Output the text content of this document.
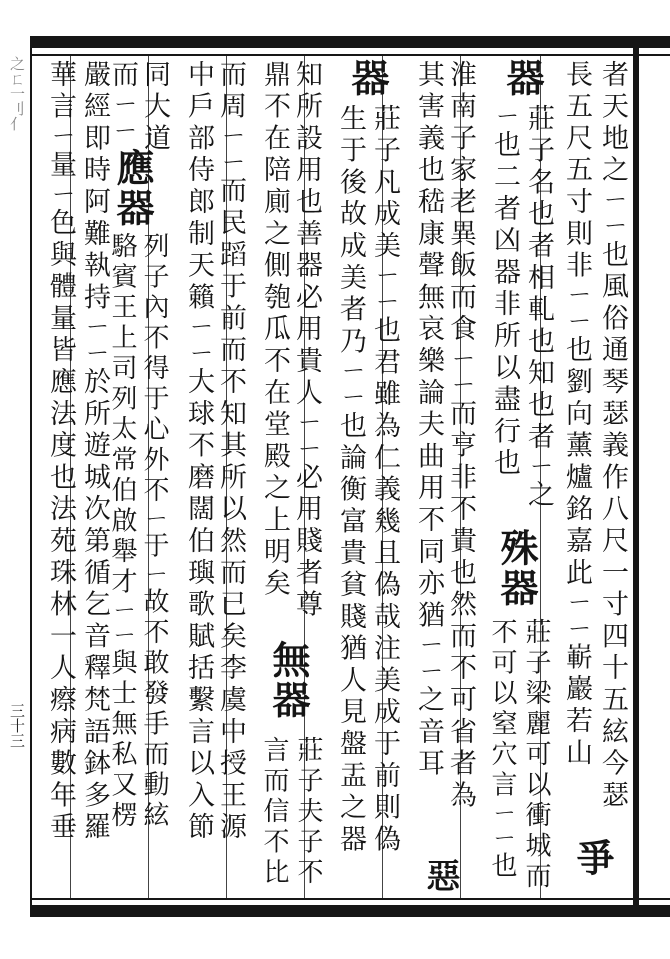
之ㄈ一刂亻
三十三	者天地之ㄧㄧ也風俗通琴瑟義作八尺一寸四十五絃今瑟
長五尺五寸則非ㄧㄧ也劉向薰爐銘嘉此ㄧㄧ嶄巖若山
器
莊子名也者相軋也知也者ㄧ之
ㄧ也二者凶器非所以盡行也
殊器
莊子梁麗可以衝城而
不可以窒穴言ㄧㄧ也
淮南子家老異飯而食ㄧㄧ而亨非不貴也然而不可省者為
其害義也嵇康聲無哀樂論夫曲用不同亦猶ㄧㄧ之音耳
器
莊子凡成美ㄧㄧ也君雖為仁義幾且偽哉注美成于前則偽
生于後故成美者乃ㄧㄧ也論衡富貴貧賤猶人見盤盂之器
知所設用也善器必用貴人ㄧㄧ必用賤者尊
鼎不在陪廁之側匏瓜不在堂殿之上明矣
無器
莊子夫子不
言而信不比
而周ㄧㄧ而民蹈于前而不知其所以然而已矣李虞中授王源
中戶部侍郎制天籟ㄧㄧ大球不磨闊伯璵歌賦括繫言以入節
同大道
而ㄧㄧ
應器
列子內不得于心外不ㄧ于ㄧ故不敢發手而動絃
駱賓王上司列太常伯啟舉才ㄧㄧ與士無私又楞
嚴經即時阿難執持ㄧㄧ於所遊城次第循乞音釋梵語鉢多羅
華言ㄧ量ㄧ色與體量皆應法度也法苑珠林一人瘵病數年垂
爭
惡
